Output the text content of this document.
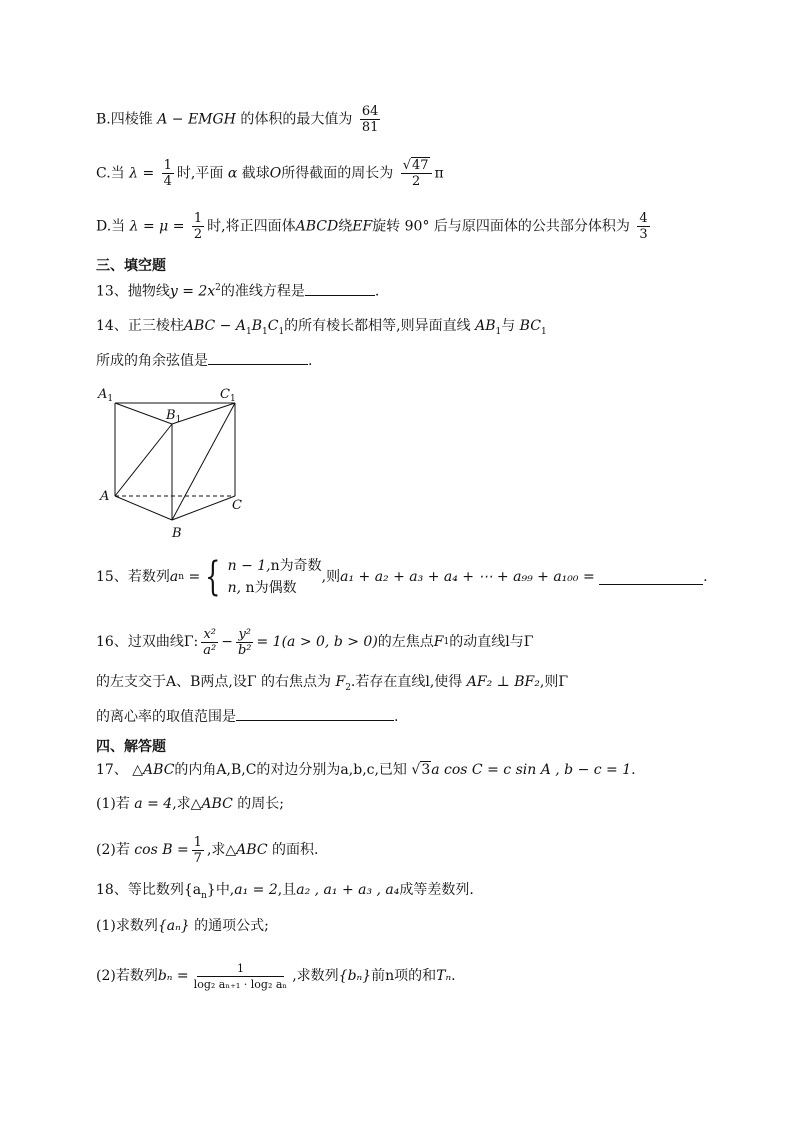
B.四棱锥 A − EMGH 的体积的最大值为 $\frac{64}{81}$
C.当 $\lambda = \frac{1}{4}$ 时,平面 α 截球O所得截面的周长为 $\frac{√47}{2}$ π
D.当 $\lambda = \mu = \frac{1}{2}$ 时,将正四面体ABCD绕EF旋转 90° 后与原四面体的公共部分体积为 $\frac{4}{3}$
三、填空题
13、抛物线$y = 2x^2$的准线方程是	.
14、正三棱柱ABC − $A_1B_1C_1$的所有棱长都相等,则异面直线 $AB_1$与 $BC_1$
所成的角余弦值是	.
$A_1$
$B_1$
$C_1$
A
B
C
15、若数列 a n
= { n − 1,n为奇数
n, n为偶数
,则 a₁ + a₂ + a₃ + a₄ + ⋯ + a₉₉ + a₁₀₀ =
	.
16、过双曲线Γ: $\frac{\text{x²}}{\text{a²}} - \frac{\text{y²}}{\text{b²}} = 1(a > 0$, b > 0) 的左焦点 F 1 的动直线l与Γ
的左支交于A、B两点,设Γ 的右焦点为 $F_2$.若存在直线l,使得 AF₂ ⊥ BF₂,则Γ
的离心率的取值范围是	.
四、解答题
17、 △ABC的内角A,B,C的对边分别为a,b,c,已知 √3a cos C = c sin A , b − c = 1.
(1)若 a = 4,求△ABC 的周长;
(2)若
$\cos B = \frac{1}{7}$ ,求 △ABC
的面积.
18、等比数列$\{a_n\}$中,a₁ = 2,且a₂ , a₁ + a₃ , a₄成等差数列.
(1)求数列{aₙ} 的通项公式;
(2)若数列 $b_n = \frac{1}{\text{log₂ aₙ₊₁ · log₂ aₙ}}$ ,求数列 {bₙ} 前n项的和 Tₙ .
